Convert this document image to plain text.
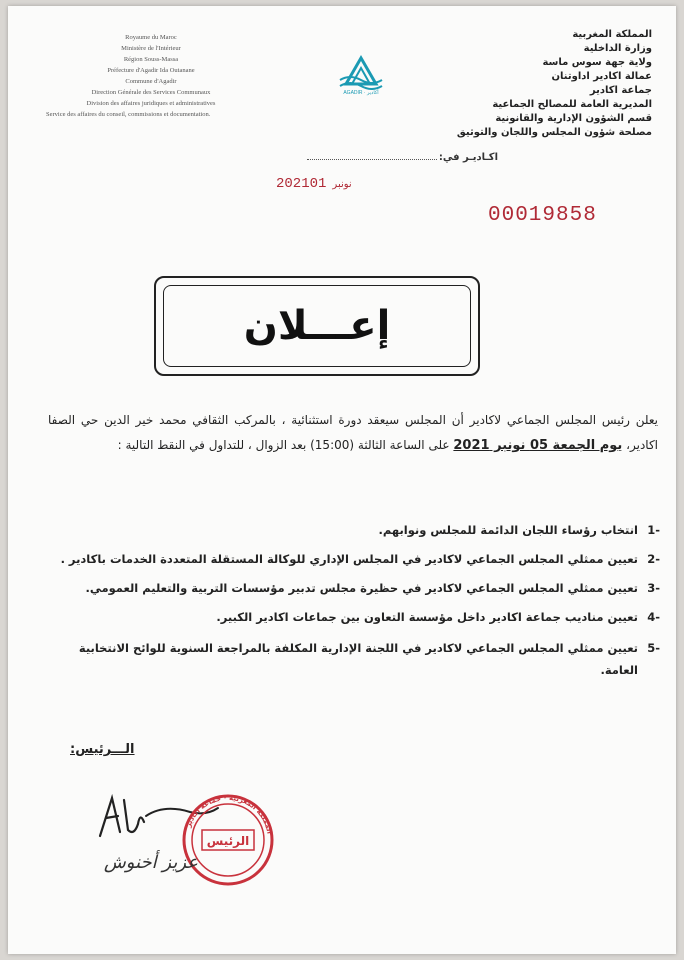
Royaume du Maroc
Ministère de l'Intérieur
Région Souss-Massa
Préfecture d'Agadir Ida Outanane
Commune d'Agadir
Direction Générale des Services Communaux
Division des affaires juridiques et administratives
Service des affaires du conseil, commissions et documentation.
AGADIR · أكادير
المملكة المغربية
وزارة الداخلية
ولاية جهة سوس ماسة
عمالة اكادير اداوتنان
جماعة اكادير
المديرية العامة للمصالح الجماعية
قسم الشؤون الإدارية والقانونية
مصلحة شؤون المجلس واللجان والتوثيق
اكـاديـر في:
2021 نونبر01
00019858
إعـــلان
يعلن رئيس المجلس الجماعي لاكادير أن المجلس سيعقد دورة استثنائية ، بالمركب الثقافي محمد خير الدين حي الصفا اكادير، يوم الجمعة 05 نونبر 2021 على الساعة الثالثة (15:00) بعد الزوال ، للتداول في النقط التالية :
-1
انتخاب رؤساء اللجان الدائمة للمجلس ونوابهم.
-2
تعيين ممثلي المجلس الجماعي لاكادير في المجلس الإداري للوكالة المستقلة المتعددة الخدمات باكادير .
-3
تعيين ممثلي المجلس الجماعي لاكادير في حظيرة مجلس تدبير مؤسسات التربية والتعليم العمومي.
-4
تعيين مناديب جماعة اكادير داخل مؤسسة التعاون بين جماعات اكادير الكبير.
-5
تعيين ممثلي المجلس الجماعي لاكادير في اللجنة الإدارية المكلفة بالمراجعة السنوية للوائح الانتخابية العامة.
الـــرئيس:
المملكة المغربية · جماعة اكادير
الرئيس
عزيز أخنوش
